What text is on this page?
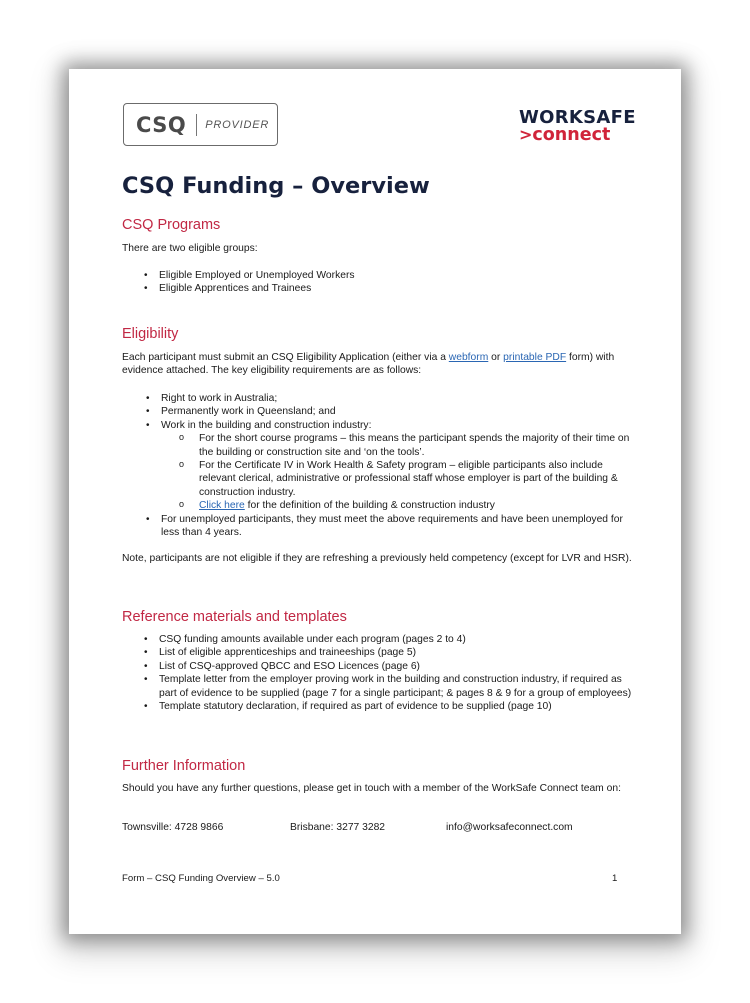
CSQ PROVIDER	WORKSAFE
>connect
CSQ Funding – Overview
CSQ Programs

There are two eligible groups:

• Eligible Employed or Unemployed Workers
• Eligible Apprentices and Trainees
Eligibility

Each participant must submit an CSQ Eligibility Application (either via a webform or printable PDF form) with evidence attached. The key eligibility requirements are as follows:

• Right to work in Australia;
• Permanently work in Queensland; and
• Work in the building and construction industry:
o For the short course programs – this means the participant spends the majority of their time on the building or construction site and ‘on the tools’.
o For the Certificate IV in Work Health & Safety program – eligible participants also include relevant clerical, administrative or professional staff whose employer is part of the building & construction industry.
o Click here for the definition of the building & construction industry
• For unemployed participants, they must meet the above requirements and have been unemployed for less than 4 years.

Note, participants are not eligible if they are refreshing a previously held competency (except for LVR and HSR).

Reference materials and templates
• CSQ funding amounts available under each program (pages 2 to 4)
• List of eligible apprenticeships and traineeships (page 5)
• List of CSQ-approved QBCC and ESO Licences (page 6)
• Template letter from the employer proving work in the building and construction industry, if required as part of evidence to be supplied (page 7 for a single participant; & pages 8 & 9 for a group of employees)
• Template statutory declaration, if required as part of evidence to be supplied (page 10)
Further Information

Should you have any further questions, please get in touch with a member of the WorkSafe Connect team on:

Townsville: 4728 9866	Brisbane: 3277 3282	info@worksafeconnect.com
Form – CSQ Funding Overview – 5.0	1
